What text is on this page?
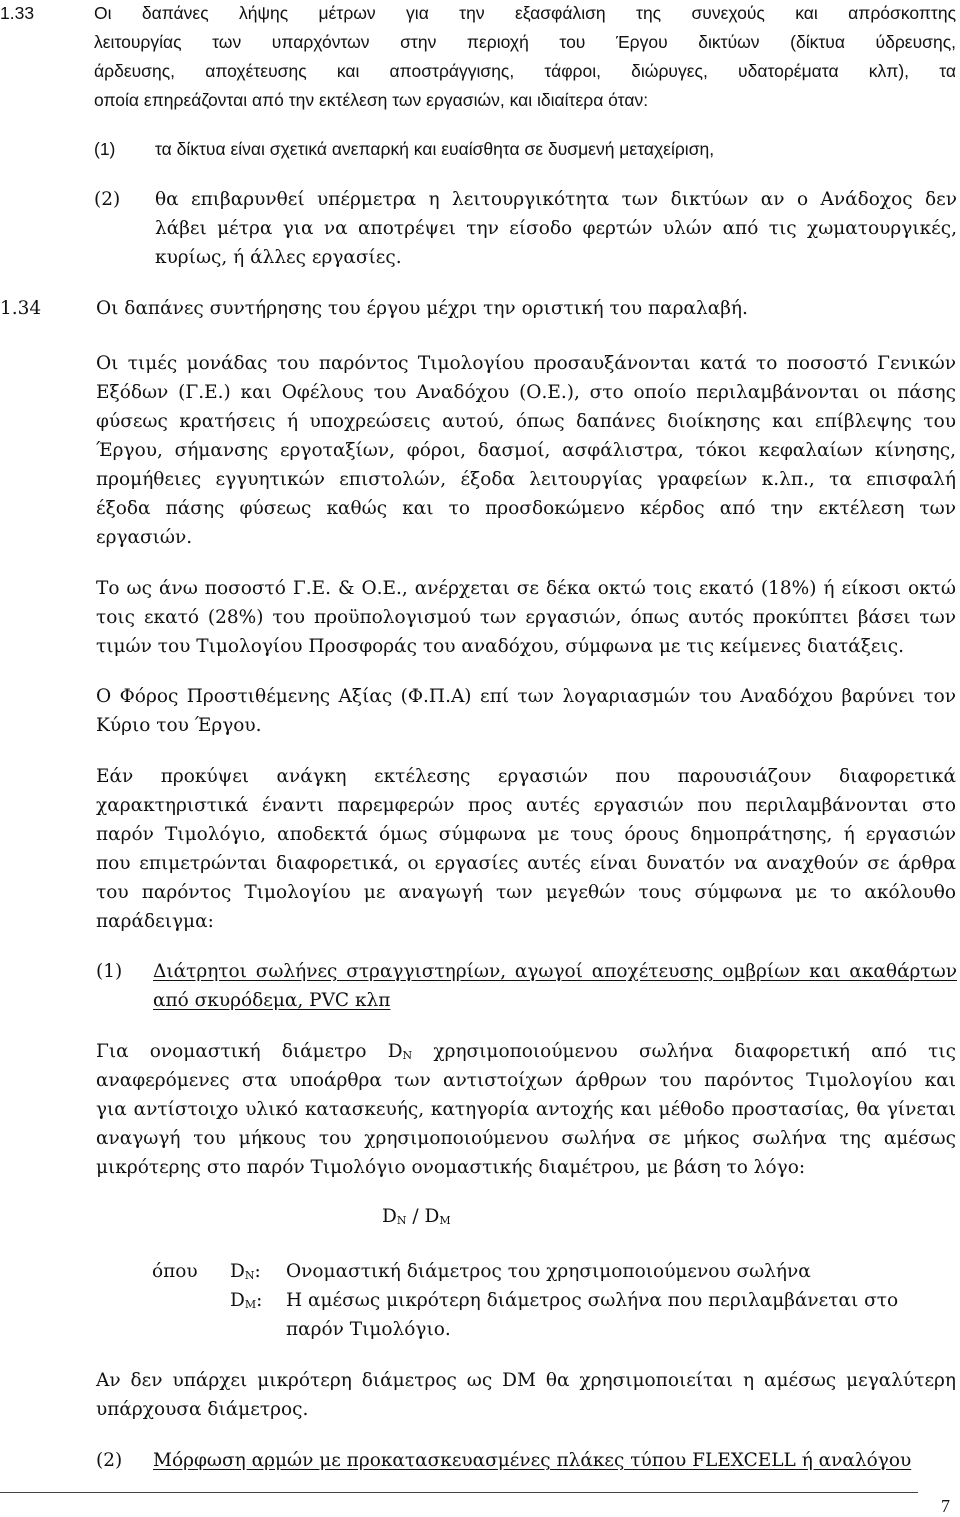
1.33	Οι δαπάνες λήψης μέτρων για την εξασφάλιση της συνεχούς και απρόσκοπτης
λειτουργίας των υπαρχόντων στην περιοχή του Έργου δικτύων (δίκτυα ύδρευσης,
άρδευσης, αποχέτευσης και αποστράγγισης, τάφροι, διώρυγες, υδατορέματα κλπ), τα
οποία επηρεάζονται από την εκτέλεση των εργασιών, και ιδιαίτερα όταν:
(1) τα δίκτυα είναι σχετικά ανεπαρκή και ευαίσθητα σε δυσμενή μεταχείριση,
(2) θα επιβαρυνθεί υπέρμετρα η λειτουργικότητα των δικτύων αν ο Ανάδοχος δεν
λάβει μέτρα για να αποτρέψει την είσοδο φερτών υλών από τις χωματουργικές,
κυρίως, ή άλλες εργασίες.
1.34	Οι δαπάνες συντήρησης του έργου μέχρι την οριστική του παραλαβή.
Οι τιμές μονάδας του παρόντος Τιμολογίου προσαυξάνονται κατά το ποσοστό Γενικών
Εξόδων (Γ.Ε.) και Οφέλους του Αναδόχου (Ο.Ε.), στο οποίο περιλαμβάνονται οι πάσης
φύσεως κρατήσεις ή υποχρεώσεις αυτού, όπως δαπάνες διοίκησης και επίβλεψης του
Έργου, σήμανσης εργοταξίων, φόροι, δασμοί, ασφάλιστρα, τόκοι κεφαλαίων κίνησης,
προμήθειες εγγυητικών επιστολών, έξοδα λειτουργίας γραφείων κ.λπ., τα επισφαλή
έξοδα πάσης φύσεως καθώς και το προσδοκώμενο κέρδος από την εκτέλεση των
εργασιών.
Το ως άνω ποσοστό Γ.Ε. & Ο.Ε., ανέρχεται σε δέκα οκτώ τοις εκατό (18%) ή είκοσι οκτώ
τοις εκατό (28%) του προϋπολογισμού των εργασιών, όπως αυτός προκύπτει βάσει των
τιμών του Τιμολογίου Προσφοράς του αναδόχου, σύμφωνα με τις κείμενες διατάξεις.
Ο Φόρος Προστιθέμενης Αξίας (Φ.Π.Α) επί των λογαριασμών του Αναδόχου βαρύνει τον
Κύριο του Έργου.
Εάν προκύψει ανάγκη εκτέλεσης εργασιών που παρουσιάζουν διαφορετικά
χαρακτηριστικά έναντι παρεμφερών προς αυτές εργασιών που περιλαμβάνονται στο
παρόν Τιμολόγιο, αποδεκτά όμως σύμφωνα με τους όρους δημοπράτησης, ή εργασιών
που επιμετρώνται διαφορετικά, οι εργασίες αυτές είναι δυνατόν να αναχθούν σε άρθρα
του παρόντος Τιμολογίου με αναγωγή των μεγεθών τους σύμφωνα με το ακόλουθο
παράδειγμα:
(1) Διάτρητοι σωλήνες στραγγιστηρίων, αγωγοί αποχέτευσης ομβρίων και ακαθάρτων
από σκυρόδεμα, PVC κλπ
Για ονομαστική διάμετρο $D_N$ χρησιμοποιούμενου σωλήνα διαφορετική από τις
αναφερόμενες στα υποάρθρα των αντιστοίχων άρθρων του παρόντος Τιμολογίου και
για αντίστοιχο υλικό κατασκευής, κατηγορία αντοχής και μέθοδο προστασίας, θα γίνεται
αναγωγή του μήκους του χρησιμοποιούμενου σωλήνα σε μήκος σωλήνα της αμέσως
μικρότερης στο παρόν Τιμολόγιο ονομαστικής διαμέτρου, με βάση το λόγο:
$D_N / D_M$
όπου $D_N$: Ονομαστική διάμετρος του χρησιμοποιούμενου σωλήνα
$D_M$: Η αμέσως μικρότερη διάμετρος σωλήνα που περιλαμβάνεται στο
παρόν Τιμολόγιο.
Αν δεν υπάρχει μικρότερη διάμετρος ως DM θα χρησιμοποιείται η αμέσως μεγαλύτερη
υπάρχουσα διάμετρος.
(2) Μόρφωση αρμών με προκατασκευασμένες πλάκες τύπου FLEXCELL ή αναλόγου
7
